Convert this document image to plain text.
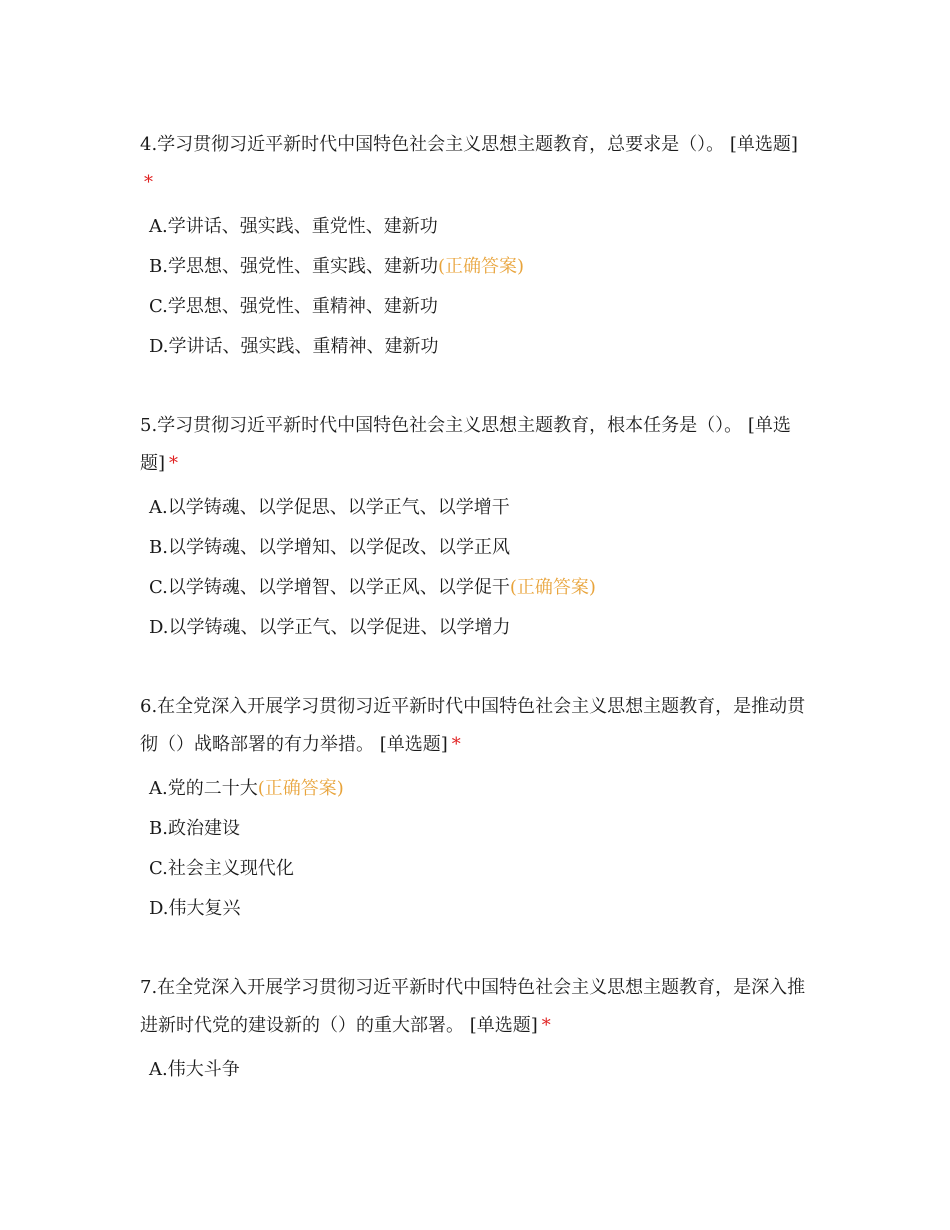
4.学习贯彻习近平新时代中国特色社会主义思想主题教育，总要求是（）。 [单选题]*

A.学讲话、强实践、重党性、建新功
B.学思想、强党性、重实践、建新功(正确答案)
C.学思想、强党性、重精神、建新功
D.学讲话、强实践、重精神、建新功

5.学习贯彻习近平新时代中国特色社会主义思想主题教育，根本任务是（）。 [单选题] *

A.以学铸魂、以学促思、以学正气、以学增干
B.以学铸魂、以学增知、以学促改、以学正风
C.以学铸魂、以学增智、以学正风、以学促干(正确答案)
D.以学铸魂、以学正气、以学促进、以学增力

6.在全党深入开展学习贯彻习近平新时代中国特色社会主义思想主题教育，是推动贯彻（）战略部署的有力举措。 [单选题] *

A.党的二十大(正确答案)
B.政治建设
C.社会主义现代化
D.伟大复兴

7.在全党深入开展学习贯彻习近平新时代中国特色社会主义思想主题教育，是深入推进新时代党的建设新的（）的重大部署。 [单选题] *

A.伟大斗争
